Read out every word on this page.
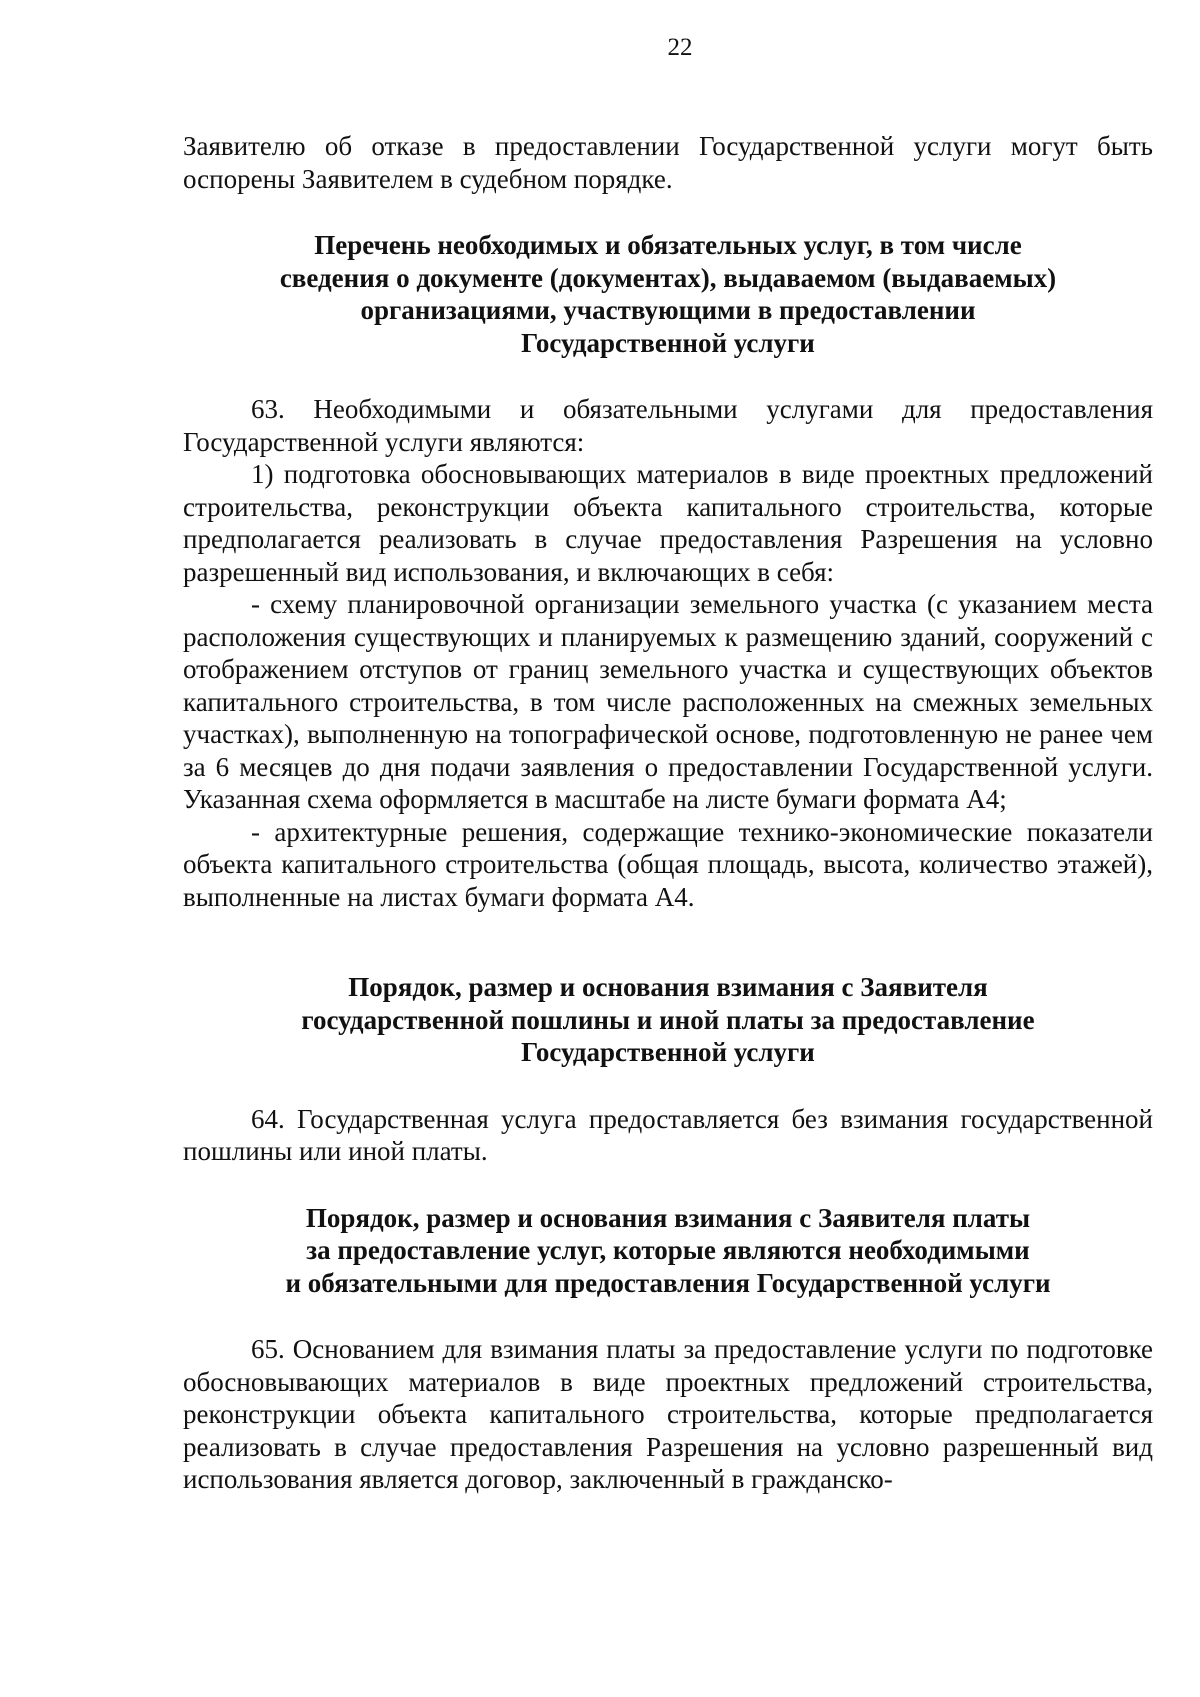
22

Заявителю об отказе в предоставлении Государственной услуги могут быть оспорены Заявителем в судебном порядке.

Перечень необходимых и обязательных услуг, в том числе
сведения о документе (документах), выдаваемом (выдаваемых)
организациями, участвующими в предоставлении
Государственной услуги

63. Необходимыми и обязательными услугами для предоставления Государственной услуги являются:

1) подготовка обосновывающих материалов в виде проектных предложений строительства, реконструкции объекта капитального строительства, которые предполагается реализовать в случае предоставления Разрешения на условно разрешенный вид использования, и включающих в себя:

- схему планировочной организации земельного участка (с указанием места расположения существующих и планируемых к размещению зданий, сооружений с отображением отступов от границ земельного участка и существующих объектов капитального строительства, в том числе расположенных на смежных земельных участках), выполненную на топографической основе, подготовленную не ранее чем за 6 месяцев до дня подачи заявления о предоставлении Государственной услуги. Указанная схема оформляется в масштабе на листе бумаги формата А4;

- архитектурные решения, содержащие технико-экономические показатели объекта капитального строительства (общая площадь, высота, количество этажей), выполненные на листах бумаги формата А4.

Порядок, размер и основания взимания с Заявителя
государственной пошлины и иной платы за предоставление
Государственной услуги

64. Государственная услуга предоставляется без взимания государственной пошлины или иной платы.

Порядок, размер и основания взимания с Заявителя платы
за предоставление услуг, которые являются необходимыми
и обязательными для предоставления Государственной услуги

65. Основанием для взимания платы за предоставление услуги по подготовке обосновывающих материалов в виде проектных предложений строительства, реконструкции объекта капитального строительства, которые предполагается реализовать в случае предоставления Разрешения на условно разрешенный вид использования является договор, заключенный в гражданско-
